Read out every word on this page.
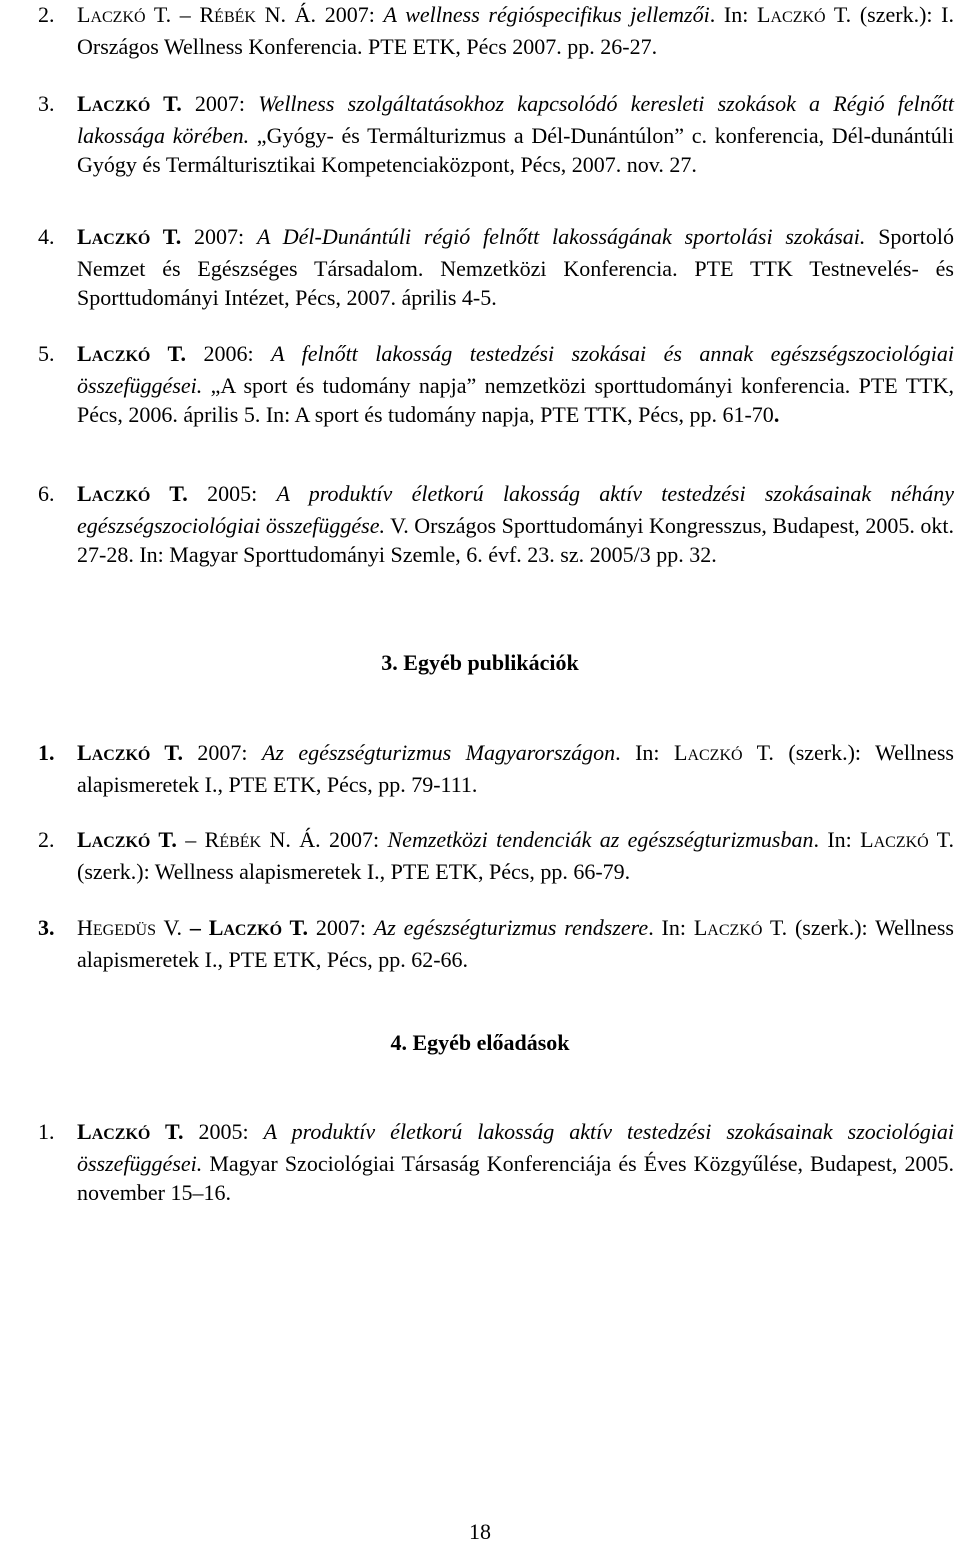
2. LACZKÓ T. – RÉBÉK N. Á. 2007: A wellness régióspecifikus jellemzői. In: LACZKÓ T. (szerk.): I. Országos Wellness Konferencia. PTE ETK, Pécs 2007. pp. 26-27.
3. LACZKÓ T. 2007: Wellness szolgáltatásokhoz kapcsolódó keresleti szokások a Régió felnőtt lakossága körében. „Gyógy- és Termálturizmus a Dél-Dunántúlon” c. konferencia, Dél-dunántúli Gyógy és Termálturisztikai Kompetenciaközpont, Pécs, 2007. nov. 27.
4. LACZKÓ T. 2007: A Dél-Dunántúli régió felnőtt lakosságának sportolási szokásai. Sportoló Nemzet és Egészséges Társadalom. Nemzetközi Konferencia. PTE TTK Testnevelés- és Sporttudományi Intézet, Pécs, 2007. április 4-5.
5. LACZKÓ T. 2006: A felnőtt lakosság testedzési szokásai és annak egészségszociológiai összefüggései. „A sport és tudomány napja” nemzetközi sporttudományi konferencia. PTE TTK, Pécs, 2006. április 5. In: A sport és tudomány napja, PTE TTK, Pécs, pp. 61-70.
6. LACZKÓ T. 2005: A produktív életkorú lakosság aktív testedzési szokásainak néhány egészségszociológiai összefüggése. V. Országos Sporttudományi Kongresszus, Budapest, 2005. okt. 27-28. In: Magyar Sporttudományi Szemle, 6. évf. 23. sz. 2005/3 pp. 32.
3. Egyéb publikációk
1. LACZKÓ T. 2007: Az egészségturizmus Magyarországon. In: LACZKÓ T. (szerk.): Wellness alapismeretek I., PTE ETK, Pécs, pp. 79-111.
2. LACZKÓ T. – RÉBÉK N. Á. 2007: Nemzetközi tendenciák az egészségturizmusban. In: LACZKÓ T. (szerk.): Wellness alapismeretek I., PTE ETK, Pécs, pp. 66-79.
3. HEGEDÜS V. – LACZKÓ T. 2007: Az egészségturizmus rendszere. In: LACZKÓ T. (szerk.): Wellness alapismeretek I., PTE ETK, Pécs, pp. 62-66.
4. Egyéb előadások
1. LACZKÓ T. 2005: A produktív életkorú lakosság aktív testedzési szokásainak szociológiai összefüggései. Magyar Szociológiai Társaság Konferenciája és Éves Közgyűlése, Budapest, 2005. november 15–16.
18
